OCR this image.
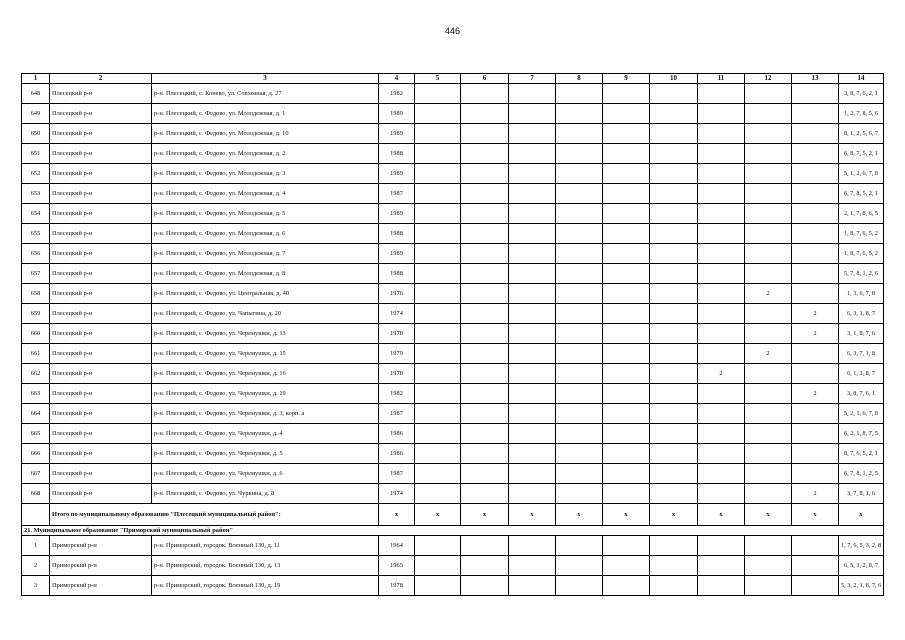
446
1	2	3	4	5	6	7	8	9	10	11	12	13	14
648	Плесецкий р-н	р-н. Плесецкий, с. Конево, ул. Совхозная, д. 27	1982										3, 8, 7, 6, 2, 1
649	Плесецкий р-н	р-н. Плесецкий, с. Федово, ул. Молодежная, д. 1	1989										1, 2, 7, 8, 5, 6
650	Плесецкий р-н	р-н. Плесецкий, с. Федово, ул. Молодежная, д. 10	1989										8, 1, 2, 5, 6, 7
651	Плесецкий р-н	р-н. Плесецкий, с. Федово, ул. Молодежная, д. 2	1988										6, 8, 7, 5, 2, 1
652	Плесецкий р-н	р-н. Плесецкий, с. Федово, ул. Молодежная, д. 3	1989										5, 1, 2, 6, 7, 8
653	Плесецкий р-н	р-н. Плесецкий, с. Федово, ул. Молодежная, д. 4	1987										6, 7, 8, 5, 2, 1
654	Плесецкий р-н	р-н. Плесецкий, с. Федово, ул. Молодежная, д. 5	1989										2, 1, 7, 8, 6, 5
655	Плесецкий р-н	р-н. Плесецкий, с. Федово, ул. Молодежная, д. 6	1988										1, 8, 7, 6, 5, 2
656	Плесецкий р-н	р-н. Плесецкий, с. Федово, ул. Молодежная, д. 7	1989										1, 8, 7, 6, 5, 2
657	Плесецкий р-н	р-н. Плесецкий, с. Федово, ул. Молодежная, д. 8	1988										5, 7, 8, 1, 2, 6
658	Плесецкий р-н	р-н. Плесецкий, с. Федово, ул. Центральная, д. 40	1976								2		1, 3, 6, 7, 8
659	Плесецкий р-н	р-н. Плесецкий, с. Федово, ул. Чапыгина, д. 20	1974									2	6, 3, 1, 8, 7
660	Плесецкий р-н	р-н. Плесецкий, с. Федово, ул. Черемушки, д. 13	1978									2	3, 1, 8, 7, 6
661	Плесецкий р-н	р-н. Плесецкий, с. Федово, ул. Черемушки, д. 15	1979								2		6, 3, 7, 1, 8
662	Плесецкий р-н	р-н. Плесецкий, с. Федово, ул. Черемушки, д. 16	1978							2			6, 1, 3, 8, 7
663	Плесецкий р-н	р-н. Плесецкий, с. Федово, ул. Черемушки, д. 19	1982									2	3, 8, 7, 6, 1
664	Плесецкий р-н	р-н. Плесецкий, с. Федово, ул. Черемушки, д. 3, корп. а	1987										5, 2, 1, 6, 7, 8
665	Плесецкий р-н	р-н. Плесецкий, с. Федово, ул. Черемушки, д. 4	1986										6, 2, 1, 8, 7, 5
666	Плесецкий р-н	р-н. Плесецкий, с. Федово, ул. Черемушки, д. 5	1986										8, 7, 6, 5, 2, 1
667	Плесецкий р-н	р-н. Плесецкий, с. Федово, ул. Черемушки, д. 6	1987										6, 7, 8, 1, 2, 5
668	Плесецкий р-н	р-н. Плесецкий, с. Федово, ул. Чуркина, д. 8	1974									2	3, 7, 8, 1, 6
	Итого по муниципальному образованию "Плесецкий муниципальный район":		x	x	x	x	x	x	x	x	x	x	x
21. Муниципальное образование "Приморский муниципальный район"													
1	Приморский р-н	р-н. Приморский, городок. Военный 130, д. 11	1964										1, 7, 6, 5, 3, 2, 8
2	Приморский р-н	р-н. Приморский, городок. Военный 130, д. 13	1965										6, 5, 3, 2, 8, 7
3	Приморский р-н	р-н. Приморский, городок. Военный 130, д. 19	1978										5, 3, 2, 1, 8, 7, 6
